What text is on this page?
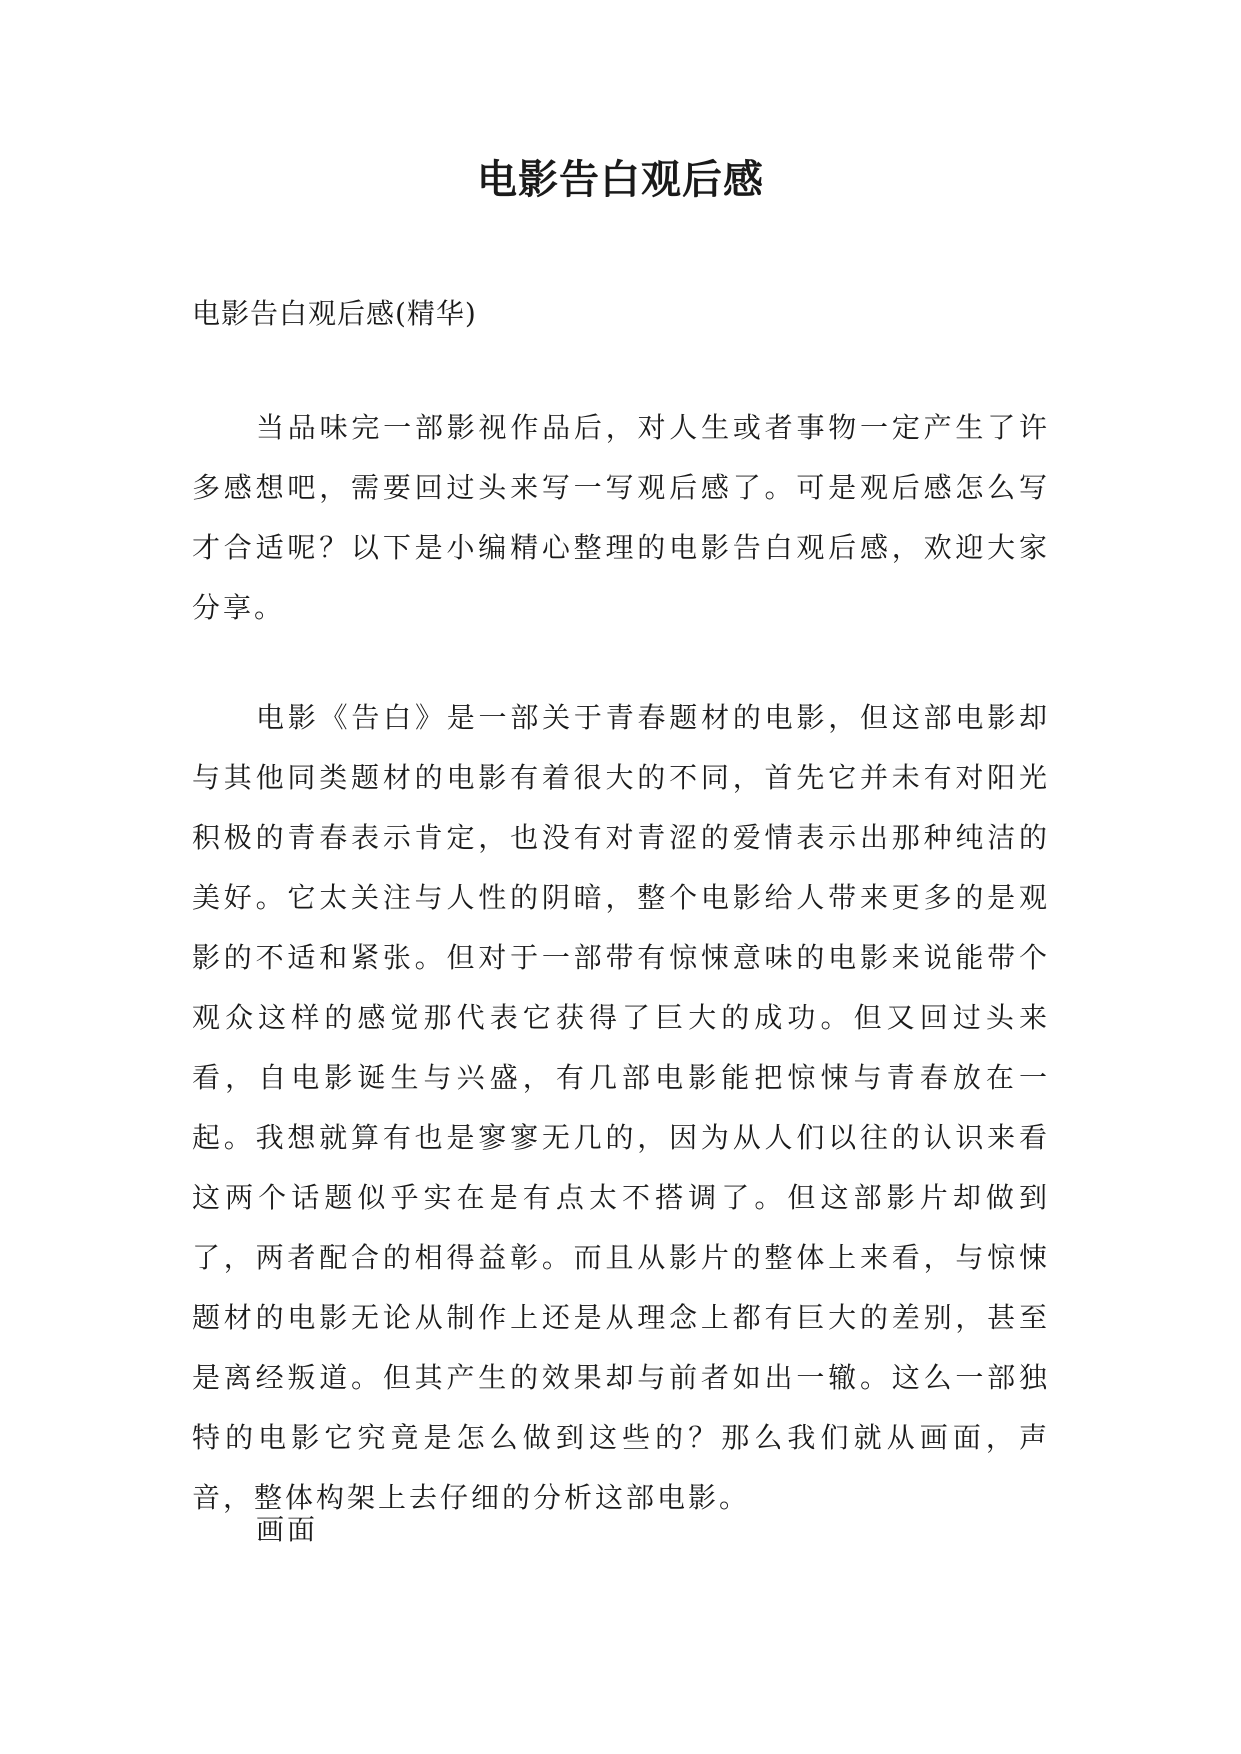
电影告白观后感

电影告白观后感(精华)

当品味完一部影视作品后，对人生或者事物一定产生了许多感想吧，需要回过头来写一写观后感了。可是观后感怎么写才合适呢？以下是小编精心整理的电影告白观后感，欢迎大家分享。

电影《告白》是一部关于青春题材的电影，但这部电影却与其他同类题材的电影有着很大的不同，首先它并未有对阳光积极的青春表示肯定，也没有对青涩的爱情表示出那种纯洁的美好。它太关注与人性的阴暗，整个电影给人带来更多的是观影的不适和紧张。但对于一部带有惊悚意味的电影来说能带个观众这样的感觉那代表它获得了巨大的成功。但又回过头来看，自电影诞生与兴盛，有几部电影能把惊悚与青春放在一起。我想就算有也是寥寥无几的，因为从人们以往的认识来看这两个话题似乎实在是有点太不搭调了。但这部影片却做到了，两者配合的相得益彰。而且从影片的整体上来看，与惊悚题材的电影无论从制作上还是从理念上都有巨大的差别，甚至是离经叛道。但其产生的效果却与前者如出一辙。这么一部独特的电影它究竟是怎么做到这些的？那么我们就从画面，声音，整体构架上去仔细的分析这部电影。

画面
